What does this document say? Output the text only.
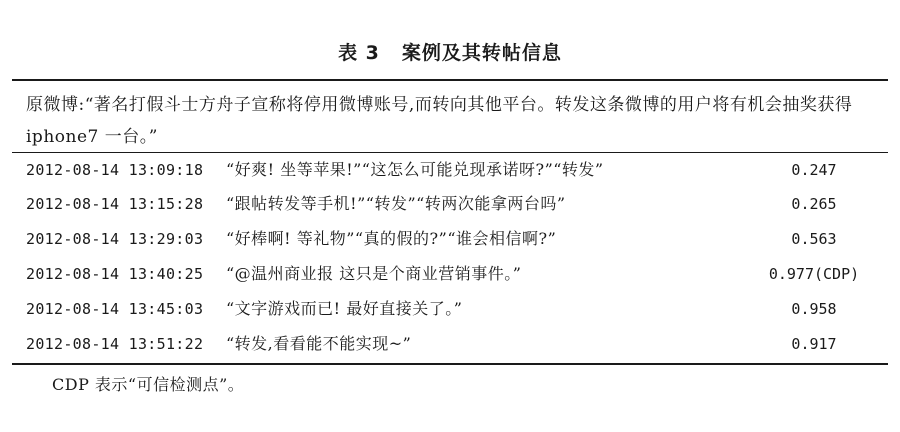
表 3 案例及其转帖信息
原微博:“著名打假斗士方舟子宣称将停用微博账号,而转向其他平台。转发这条微博的用户将有机会抽奖获得 iphone7 一台。”
2012-08-14 13:09:18 “好爽! 坐等苹果!”“这怎么可能兑现承诺呀?”“转发”	0.247
2012-08-14 13:15:28 “跟帖转发等手机!”“转发”“转两次能拿两台吗”	0.265
2012-08-14 13:29:03 “好棒啊! 等礼物”“真的假的?”“谁会相信啊?”	0.563
2012-08-14 13:40:25 “@温州商业报 这只是个商业营销事件。”	0.977(CDP)
2012-08-14 13:45:03 “文字游戏而已! 最好直接关了。”	0.958
2012-08-14 13:51:22 “转发,看看能不能实现~”	0.917
CDP 表示“可信检测点”。
